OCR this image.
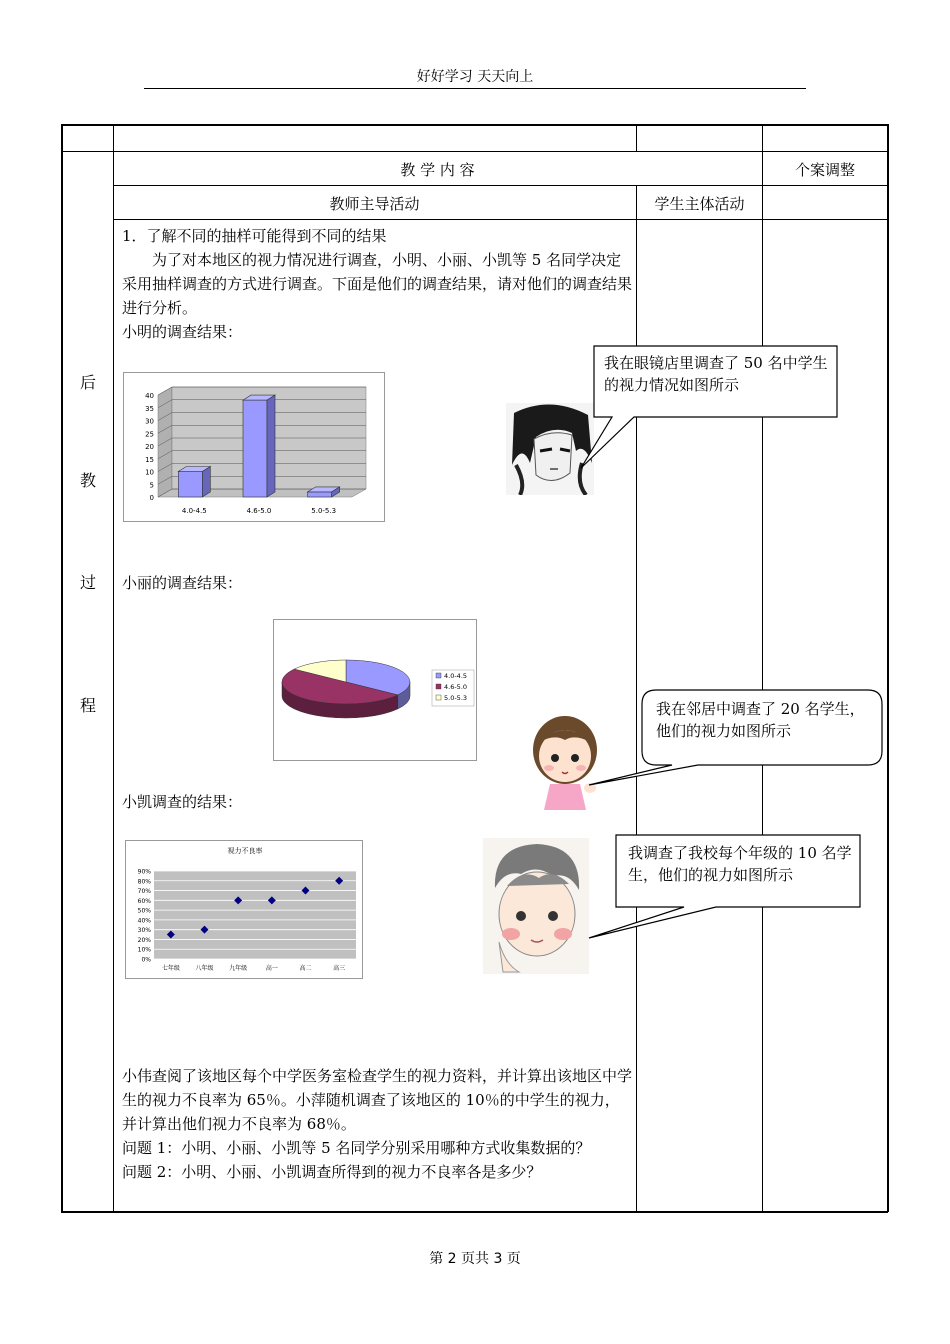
好好学习 天天向上
第 2 页共 3 页
教 学 内 容	个案调整
教师主导活动	学生主体活动
后
教
过
程

1．了解不同的抽样可能得到不同的结果

为了对本地区的视力情况进行调查，小明、小丽、小凯等 5 名同学决定采用抽样调查的方式进行调查。下面是他们的调查结果，请对他们的调查结果进行分析。

小明的调查结果：

小丽的调查结果：
小凯调查的结果：

小伟查阅了该地区每个中学医务室检查学生的视力资料，并计算出该地区中学生的视力不良率为 65％。小萍随机调查了该地区的 10％的中学生的视力，并计算出他们视力不良率为 68％。

问题 1：小明、小丽、小凯等 5 名同学分别采用哪种方式收集数据的？

问题 2：小明、小丽、小凯调查所得到的视力不良率各是多少？

0
5
10
15
20
25
30
35
40
4.0-4.5	4.6-5.0	5.0-5.3
4.0-4.5
4.6-5.0
5.0-5.3
视力不良率
0%
10%
20%
30%
40%
50%
60%
70%
80%
90%
七年级	八年级	九年级	高一	高二	高三
我在眼镜店里调查了 50 名中学生的视力情况如图所示
我在邻居中调查了 20 名学生，他们的视力如图所示
我调查了我校每个年级的 10 名学生，他们的视力如图所示
